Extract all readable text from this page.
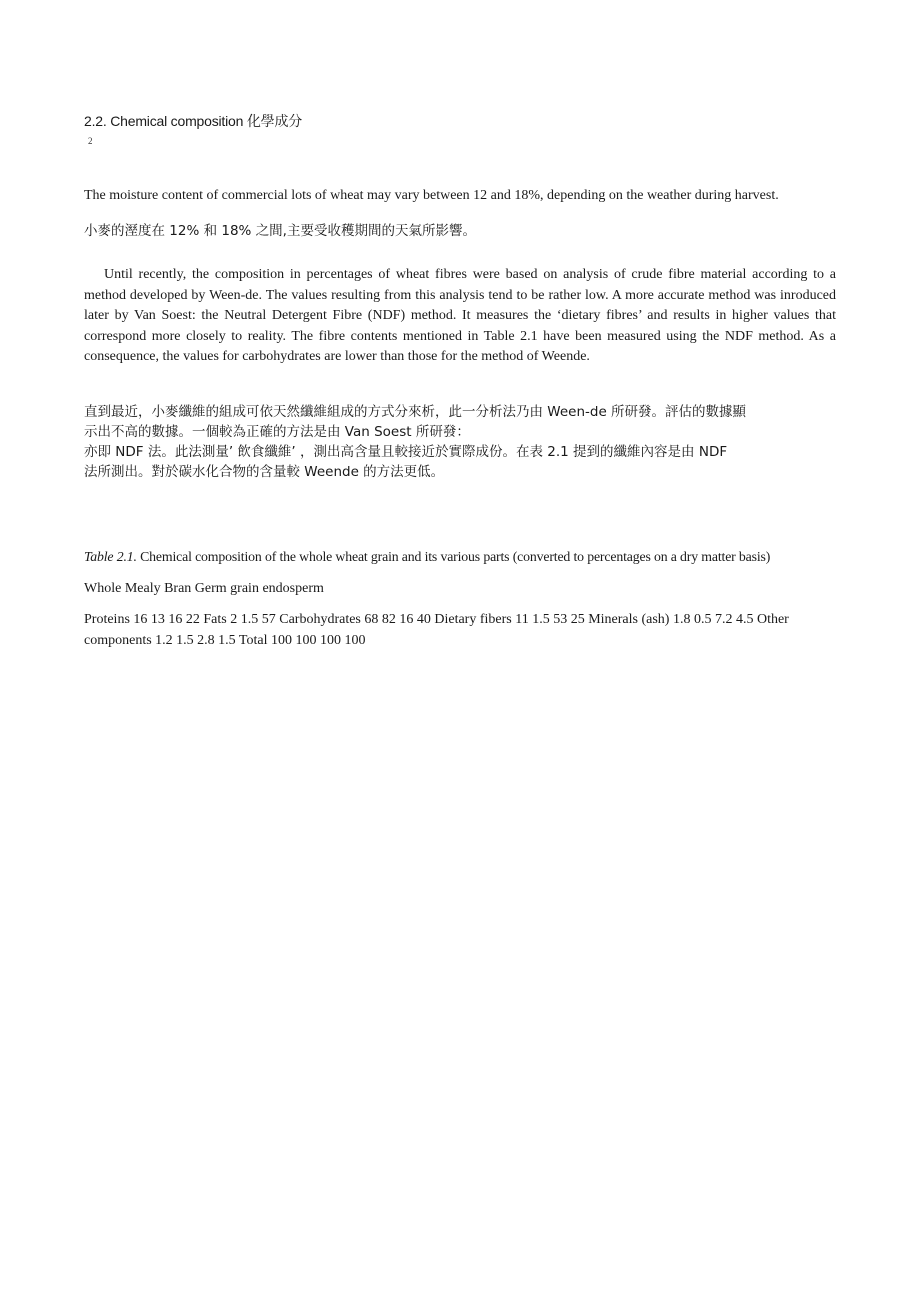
2.2. Chemical composition 化學成分
2

The moisture content of commercial lots of wheat may vary between 12 and 18%, depending on the weather during harvest.

小麥的溼度在 12% 和 18% 之間,主要受收穫期間的天氣所影響。

Until recently, the composition in percentages of wheat fibres were based on analysis of crude fibre material according to a method developed by Ween-de. The values resulting from this analysis tend to be rather low. A more accurate method was inroduced later by Van Soest: the Neutral Detergent Fibre (NDF) method. It measures the ‘dietary fibres’ and results in higher values that correspond more closely to reality. The fibre contents mentioned in Table 2.1 have been measured using the NDF method. As a consequence, the values for carbohydrates are lower than those for the method of Weende.

直到最近，小麥纖維的組成可依天然纖維組成的方式分來析，此一分析法乃由 Ween-de 所研發。評估的數據顯
示出不高的數據。一個較為正確的方法是由 Van Soest 所研發：
亦即 NDF 法。此法測量’ 飲食纖維’ ，測出高含量且較接近於實際成份。在表 2.1 提到的纖維內容是由 NDF
法所測出。對於碳水化合物的含量較 Weende 的方法更低。

Table 2.1. Chemical composition of the whole wheat grain and its various parts (converted to percentages on a dry matter basis)

Whole Mealy Bran Germ grain endosperm

Proteins 16 13 16 22 Fats 2 1.5 57 Carbohydrates 68 82 16 40 Dietary fibers 11 1.5 53 25 Minerals (ash) 1.8 0.5 7.2 4.5 Other components 1.2 1.5 2.8 1.5 Total 100 100 100 100
